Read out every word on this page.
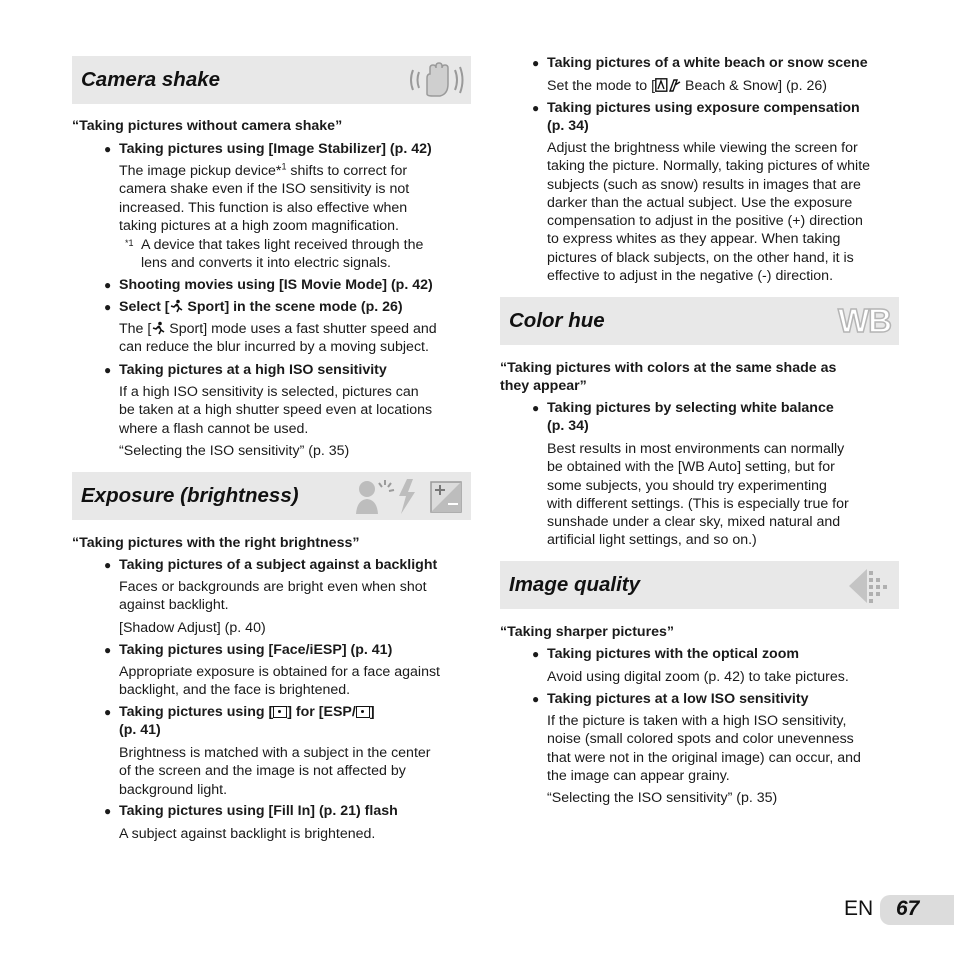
Camera shake
“Taking pictures without camera shake”
● Taking pictures using [Image Stabilizer] (p. 42)
The image pickup device*$^1$ shifts to correct for
camera shake even if the ISO sensitivity is not
increased. This function is also effective when
taking pictures at a high zoom magnification.
*1 A device that takes light received through the
lens and converts it into electric signals.
● Shooting movies using [IS Movie Mode] (p. 42)
● Select [ Sport] in the scene mode (p. 26)
The [ Sport] mode uses a fast shutter speed and
can reduce the blur incurred by a moving subject.
● Taking pictures at a high ISO sensitivity
If a high ISO sensitivity is selected, pictures can
be taken at a high shutter speed even at locations
where a flash cannot be used.
“Selecting the ISO sensitivity” (p. 35)
Exposure (brightness)
“Taking pictures with the right brightness”
● Taking pictures of a subject against a backlight
Faces or backgrounds are bright even when shot
against backlight.
[Shadow Adjust] (p. 40)
● Taking pictures using [Face/iESP] (p. 41)
Appropriate exposure is obtained for a face against
backlight, and the face is brightened.
● Taking pictures using [ ] for [ESP/ ]
(p. 41)
Brightness is matched with a subject in the center
of the screen and the image is not affected by
background light.
● Taking pictures using [Fill In] (p. 21) flash
A subject against backlight is brightened.
● Taking pictures of a white beach or snow scene
Set the mode to [ Beach & Snow] (p. 26)
● Taking pictures using exposure compensation
(p. 34)
Adjust the brightness while viewing the screen for
taking the picture. Normally, taking pictures of white
subjects (such as snow) results in images that are
darker than the actual subject. Use the exposure
compensation to adjust in the positive (+) direction
to express whites as they appear. When taking
pictures of black subjects, on the other hand, it is
effective to adjust in the negative (-) direction.
Color hue	WB
“Taking pictures with colors at the same shade as
they appear”
● Taking pictures by selecting white balance
(p. 34)
Best results in most environments can normally
be obtained with the [WB Auto] setting, but for
some subjects, you should try experimenting
with different settings. (This is especially true for
sunshade under a clear sky, mixed natural and
artificial light settings, and so on.)
Image quality
“Taking sharper pictures”
● Taking pictures with the optical zoom
Avoid using digital zoom (p. 42) to take pictures.
● Taking pictures at a low ISO sensitivity
If the picture is taken with a high ISO sensitivity,
noise (small colored spots and color unevenness
that were not in the original image) can occur, and
the image can appear grainy.
“Selecting the ISO sensitivity” (p. 35)
EN 67
